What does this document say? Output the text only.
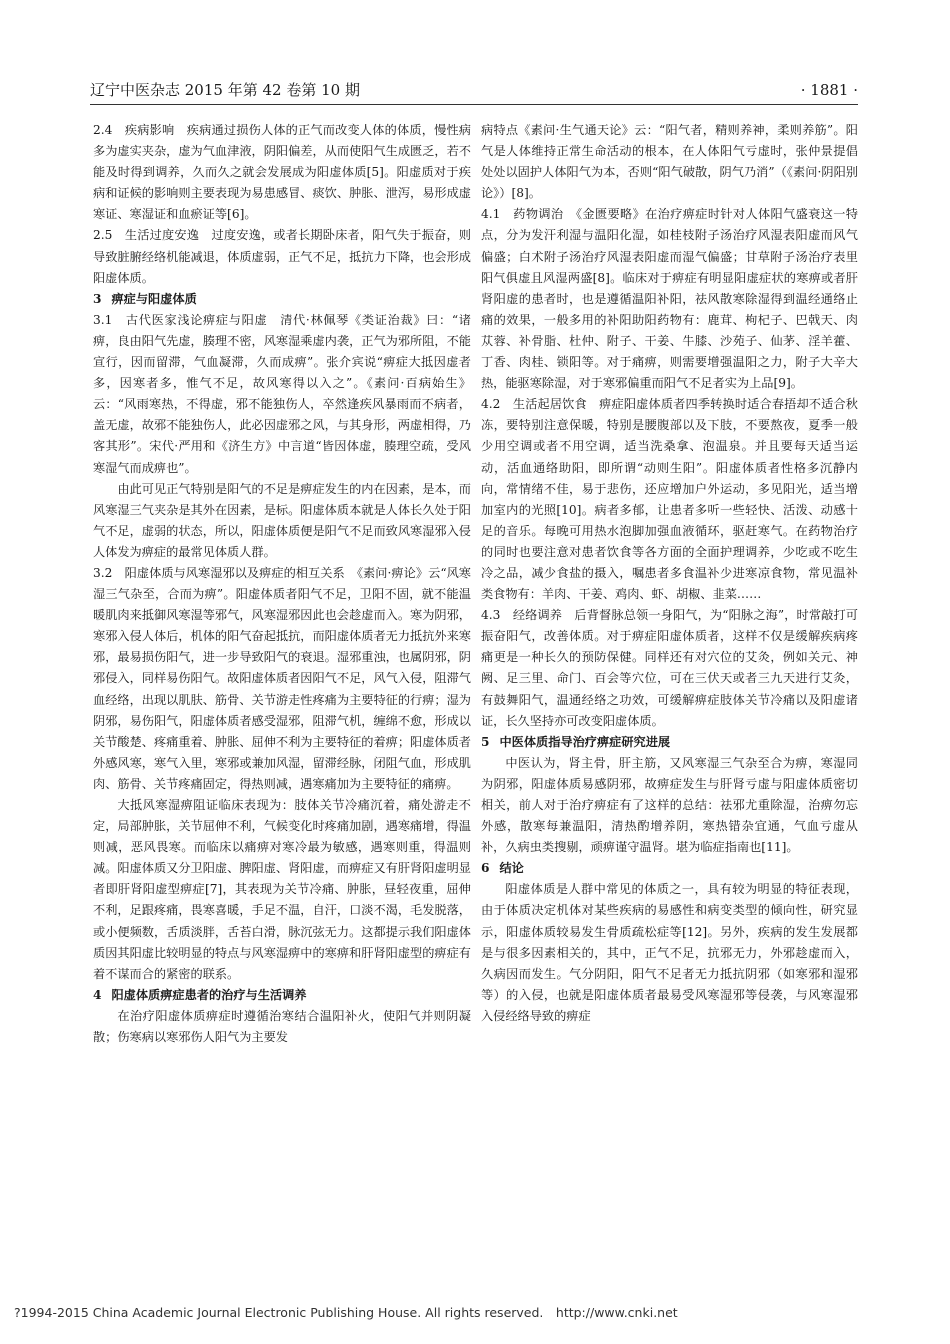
辽宁中医杂志 2015 年第 42 卷第 10 期	· 1881 ·

2.4　疾病影响　疾病通过损伤人体的正气而改变人体的体质，慢性病多为虚实夹杂，虚为气血津液，阴阳偏差，从而使阳气生成匮乏，若不能及时得到调养，久而久之就会发展成为阳虚体质[5]。阳虚质对于疾病和证候的影响则主要表现为易患感冒、痰饮、肿胀、泄泻，易形成虚寒证、寒湿证和血瘀证等[6]。

2.5　生活过度安逸　过度安逸，或者长期卧床者，阳气失于振奋，则导致脏腑经络机能减退，体质虚弱，正气不足，抵抗力下降，也会形成阳虚体质。

3 痹症与阳虚体质

3.1　古代医家浅论痹症与阳虚　清代·林佩琴《类证治裁》曰：“诸痹，良由阳气先虚，腠理不密，风寒湿乘虚内袭，正气为邪所阻，不能宣行，因而留滞，气血凝滞，久而成痹”。张介宾说“痹症大抵因虚者多，因寒者多，惟气不足，故风寒得以入之”。《素问·百病始生》云：“风雨寒热，不得虚，邪不能独伤人，卒然逢疾风暴雨而不病者，盖无虚，故邪不能独伤人，此必因虚邪之风，与其身形，两虚相得，乃客其形”。宋代·严用和《济生方》中言道“皆因体虚，腠理空疏，受风寒湿气而成痹也”。

由此可见正气特别是阳气的不足是痹症发生的内在因素，是本，而风寒湿三气夹杂是其外在因素，是标。阳虚体质本就是人体长久处于阳气不足，虚弱的状态，所以，阳虚体质便是阳气不足而致风寒湿邪入侵人体发为痹症的最常见体质人群。

3.2　阳虚体质与风寒湿邪以及痹症的相互关系　《素问·痹论》云“风寒湿三气杂至，合而为痹”。阳虚体质者阳气不足，卫阳不固，就不能温暖肌肉来抵御风寒湿等邪气，风寒湿邪因此也会趁虚而入。寒为阴邪，寒邪入侵人体后，机体的阳气奋起抵抗，而阳虚体质者无力抵抗外来寒邪，最易损伤阳气，进一步导致阳气的衰退。湿邪重浊，也属阴邪，阴邪侵入，同样易伤阳气。故阳虚体质者因阳气不足，风气入侵，阻滞气血经络，出现以肌肤、筋骨、关节游走性疼痛为主要特征的行痹；湿为阴邪，易伤阳气，阳虚体质者感受湿邪，阻滞气机，缠绵不愈，形成以关节酸楚、疼痛重着、肿胀、屈伸不利为主要特征的着痹；阳虚体质者外感风寒，寒气入里，寒邪或兼加风湿，留滞经脉，闭阻气血，形成肌肉、筋骨、关节疼痛固定，得热则减，遇寒痛加为主要特征的痛痹。

大抵风寒湿痹阻证临床表现为：肢体关节冷痛沉着，痛处游走不定，局部肿胀，关节屈伸不利，气候变化时疼痛加剧，遇寒痛增，得温则减，恶风畏寒。而临床以痛痹对寒冷最为敏感，遇寒则重，得温则减。阳虚体质又分卫阳虚、脾阳虚、肾阳虚，而痹症又有肝肾阳虚明显者即肝肾阳虚型痹症[7]，其表现为关节冷痛、肿胀，昼轻夜重，屈伸不利，足跟疼痛，畏寒喜暖，手足不温，自汗，口淡不渴，毛发脱落，或小便频数，舌质淡胖，舌苔白滑，脉沉弦无力。这都提示我们阳虚体质因其阳虚比较明显的特点与风寒湿痹中的寒痹和肝肾阳虚型的痹症有着不谋而合的紧密的联系。

4 阳虚体质痹症患者的治疗与生活调养

在治疗阳虚体质痹症时遵循治寒结合温阳补火，使阳气并则阴凝散；伤寒病以寒邪伤人阳气为主要发

病特点《素问·生气通天论》云：“阳气者，精则养神，柔则养筋”。阳气是人体维持正常生命活动的根本，在人体阳气亏虚时，张仲景提倡处处以固护人体阳气为本，否则“阳气破散，阴气乃消”（《素问·阴阳别论》）[8]。

4.1　药物调治　《金匮要略》在治疗痹症时针对人体阳气盛衰这一特点，分为发汗利湿与温阳化湿，如桂枝附子汤治疗风湿表阳虚而风气偏盛；白术附子汤治疗风湿表阳虚而湿气偏盛；甘草附子汤治疗表里阳气俱虚且风湿两盛[8]。临床对于痹症有明显阳虚症状的寒痹或者肝肾阳虚的患者时，也是遵循温阳补阳，祛风散寒除湿得到温经通络止痛的效果，一般多用的补阳助阳药物有：鹿茸、枸杞子、巴戟天、肉苁蓉、补骨脂、杜仲、附子、干姜、牛膝、沙苑子、仙茅、淫羊藿、丁香、肉桂、锁阳等。对于痛痹，则需要增强温阳之力，附子大辛大热，能驱寒除湿，对于寒邪偏重而阳气不足者实为上品[9]。

4.2　生活起居饮食　痹症阳虚体质者四季转换时适合春捂却不适合秋冻，要特别注意保暖，特别是腰腹部以及下肢，不要熬夜，夏季一般少用空调或者不用空调，适当洗桑拿、泡温泉。并且要每天适当运动，活血通络助阳，即所谓“动则生阳”。阳虚体质者性格多沉静内向，常情绪不佳，易于悲伤，还应增加户外运动，多见阳光，适当增加室内的光照[10]。病者多郁，让患者多听一些轻快、活泼、动感十足的音乐。每晚可用热水泡脚加强血液循环，驱赶寒气。在药物治疗的同时也要注意对患者饮食等各方面的全面护理调养，少吃或不吃生冷之品，减少食盐的摄入，嘱患者多食温补少进寒凉食物，常见温补类食物有：羊肉、干姜、鸡肉、虾、胡椒、韭菜……

4.3　经络调养　后背督脉总领一身阳气，为“阳脉之海”，时常敲打可振奋阳气，改善体质。对于痹症阳虚体质者，这样不仅是缓解疾病疼痛更是一种长久的预防保健。同样还有对穴位的艾灸，例如关元、神阙、足三里、命门、百会等穴位，可在三伏天或者三九天进行艾灸，有鼓舞阳气，温通经络之功效，可缓解痹症肢体关节冷痛以及阳虚诸证，长久坚持亦可改变阳虚体质。

5 中医体质指导治疗痹症研究进展

中医认为，肾主骨，肝主筋，又风寒湿三气杂至合为痹，寒湿同为阴邪，阳虚体质易感阴邪，故痹症发生与肝肾亏虚与阳虚体质密切相关，前人对于治疗痹症有了这样的总结：祛邪尤重除湿，治痹勿忘外感，散寒每兼温阳，清热酌增养阴，寒热错杂宜通，气血亏虚从补，久病虫类搜剔，顽痹谨守温肾。堪为临症指南也[11]。

6 结论

阳虚体质是人群中常见的体质之一，具有较为明显的特征表现，由于体质决定机体对某些疾病的易感性和病变类型的倾向性，研究显示，阳虚体质较易发生骨质疏松症等[12]。另外，疾病的发生发展都是与很多因素相关的，其中，正气不足，抗邪无力，外邪趁虚而入，久病因而发生。气分阴阳，阳气不足者无力抵抗阴邪（如寒邪和湿邪等）的入侵，也就是阳虚体质者最易受风寒湿邪等侵袭，与风寒湿邪入侵经络导致的痹症

?1994-2015 China Academic Journal Electronic Publishing House. All rights reserved.　http://www.cnki.net
